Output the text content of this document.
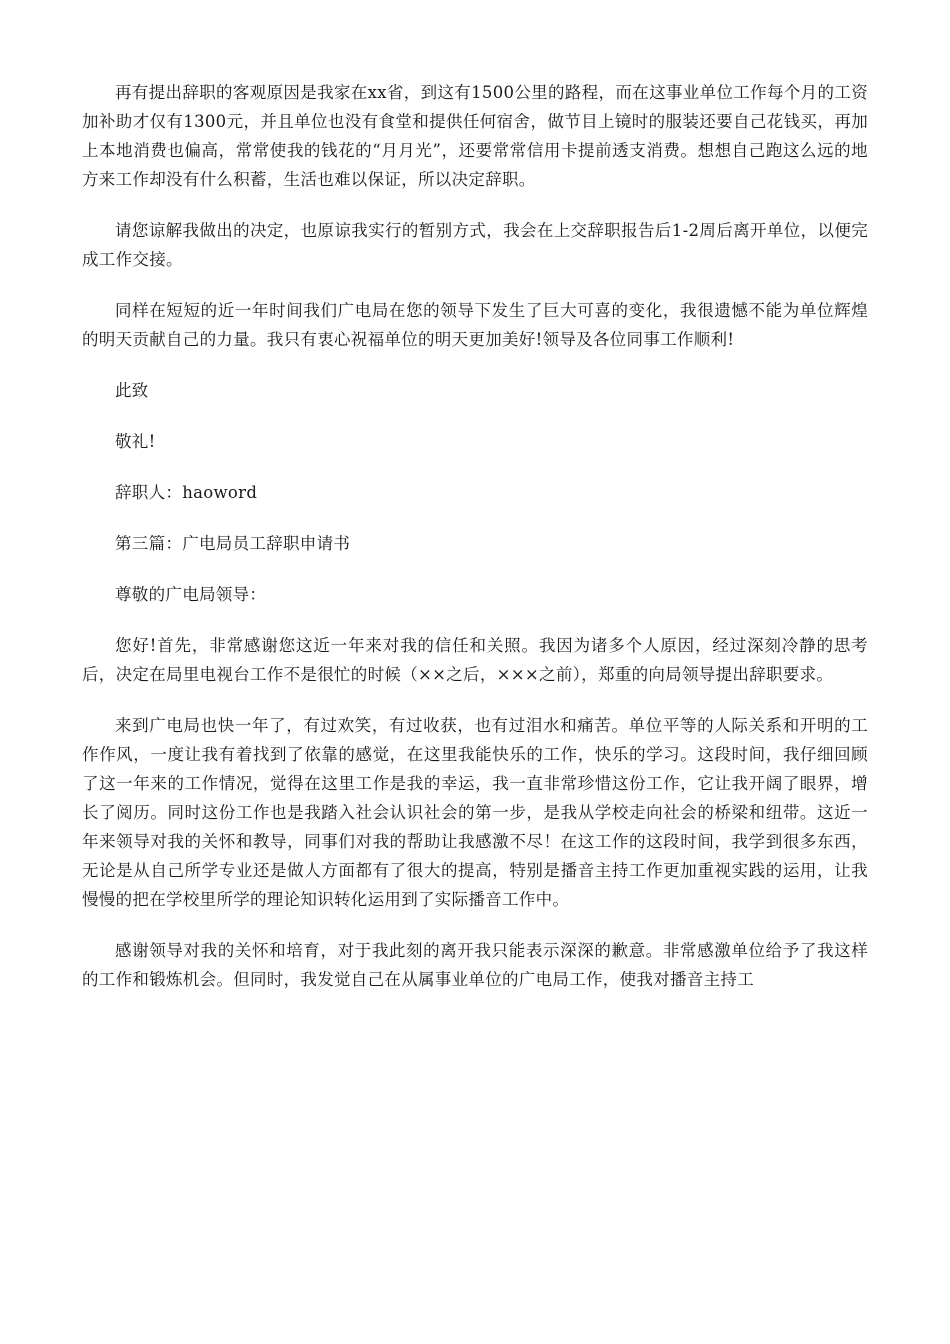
再有提出辞职的客观原因是我家在xx省，到这有1500公里的路程，而在这事业单位工作每个月的工资加补助才仅有1300元，并且单位也没有食堂和提供任何宿舍，做节目上镜时的服装还要自己花钱买，再加上本地消费也偏高，常常使我的钱花的“月月光”，还要常常信用卡提前透支消费。想想自己跑这么远的地方来工作却没有什么积蓄，生活也难以保证，所以决定辞职。

请您谅解我做出的决定，也原谅我实行的暂别方式，我会在上交辞职报告后1-2周后离开单位，以便完成工作交接。

同样在短短的近一年时间我们广电局在您的领导下发生了巨大可喜的变化，我很遗憾不能为单位辉煌的明天贡献自己的力量。我只有衷心祝福单位的明天更加美好!领导及各位同事工作顺利!

此致

敬礼!

辞职人：haoword

第三篇：广电局员工辞职申请书

尊敬的广电局领导：

您好!首先，非常感谢您这近一年来对我的信任和关照。我因为诸多个人原因，经过深刻冷静的思考后，决定在局里电视台工作不是很忙的时候（××之后，×××之前），郑重的向局领导提出辞职要求。

来到广电局也快一年了，有过欢笑，有过收获，也有过泪水和痛苦。单位平等的人际关系和开明的工作作风，一度让我有着找到了依靠的感觉，在这里我能快乐的工作，快乐的学习。这段时间，我仔细回顾了这一年来的工作情况，觉得在这里工作是我的幸运，我一直非常珍惜这份工作，它让我开阔了眼界，增长了阅历。同时这份工作也是我踏入社会认识社会的第一步，是我从学校走向社会的桥梁和纽带。这近一年来领导对我的关怀和教导，同事们对我的帮助让我感激不尽！在这工作的这段时间，我学到很多东西，无论是从自己所学专业还是做人方面都有了很大的提高，特别是播音主持工作更加重视实践的运用，让我慢慢的把在学校里所学的理论知识转化运用到了实际播音工作中。

感谢领导对我的关怀和培育，对于我此刻的离开我只能表示深深的歉意。非常感激单位给予了我这样的工作和锻炼机会。但同时，我发觉自己在从属事业单位的广电局工作，使我对播音主持工
